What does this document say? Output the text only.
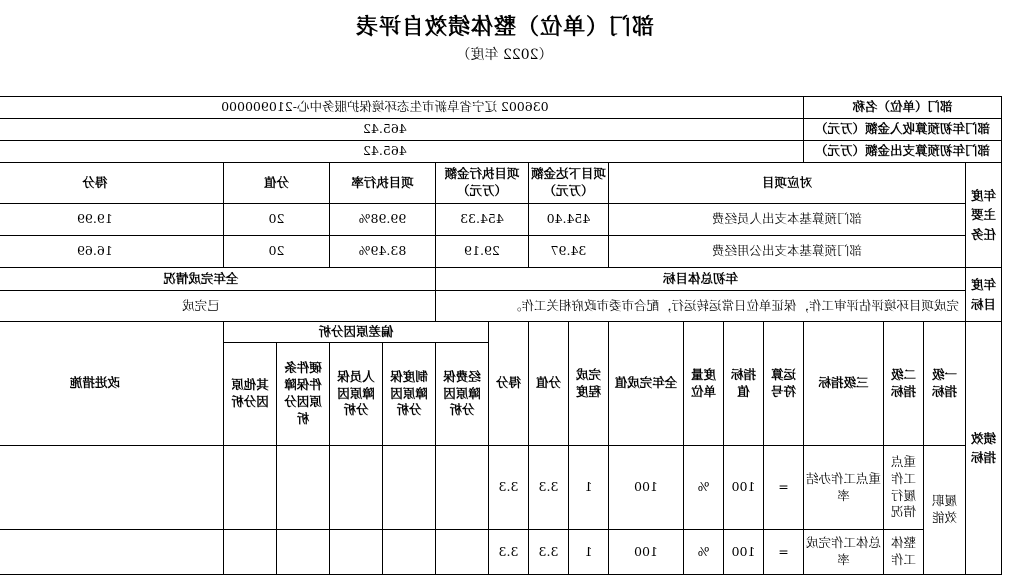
部门（单位）整体绩效自评表
（2022 年度）
部门（单位）名称				036002 辽宁省阜新市生态环境保护服务中心-210900000												
部门年初预算收入金额（万元）				465.42												
部门年初预算支出金额（万元）				465.42												
年度主要任务	对应项目							项目下达金额（万元）		项目执行金额（万元）		项目执行率		分值		得分
	部门预算基本支出人员经费							454.40		454.33		99.98%		20		19.99
	部门预算基本支出公用经费							34.97		29.19		83.49%		20		16.69
年度目标	年初总体目标											全年完成情况				
	完成项目环境评估评审工作，保证单位日常运转运行，配合市委市政府相关工作。											已完成				
绩效指标	一级指标	二级指标	三级指标	运算符号	指标值	度量单位	全年完成值	完成程度	分值	得分	偏差原因分析					改进措施
											经费保障原因分析	制度保障原因分析	人员保障原因分析	硬件条件保障原因分析	其他原因分析	
	履职效能	重点工作履行情况	重点工作办结率	=	100	%	100	1	3.3	3.3						
		整体工作	总体工作完成率	=	100	%	100	1	3.3	3.3						
